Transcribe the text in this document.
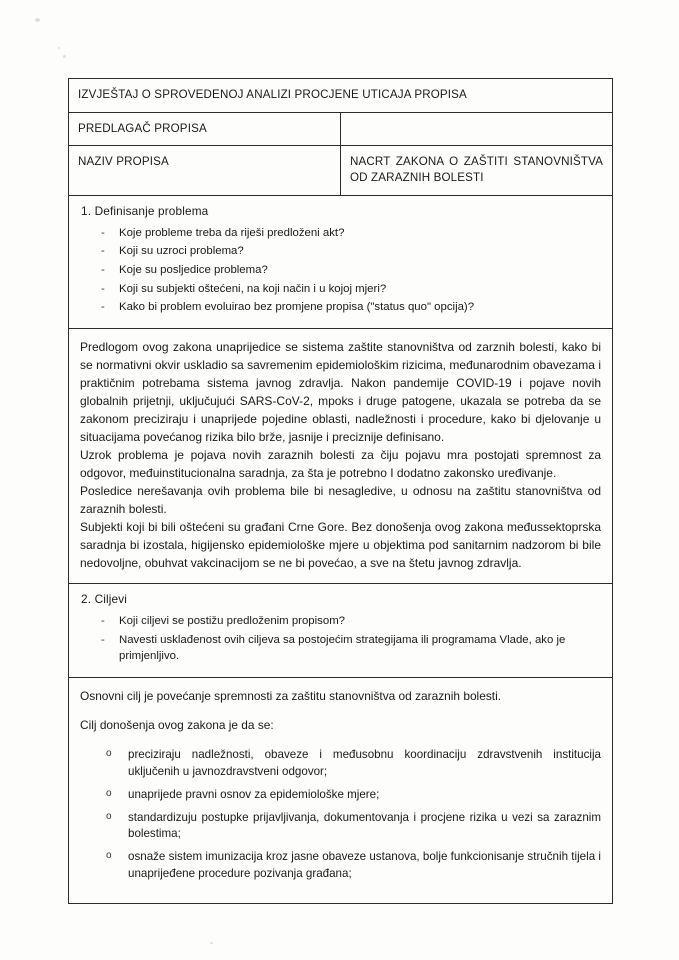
IZVJEŠTAJ O SPROVEDENOJ ANALIZI PROCJENE UTICAJA PROPISA	
PREDLAGAČ PROPISA	
NAZIV PROPISA	NACRT ZAKONA O ZAŠTITI STANOVNIŠTVA OD ZARAZNIH BOLESTI
1. Definisanje problema
- Koje probleme treba da riješi predloženi akt?
- Koji su uzroci problema?
- Koje su posljedice problema?
- Koji su subjekti oštećeni, na koji način i u kojoj mjeri?
- Kako bi problem evoluirao bez promjene propisa ("status quo" opcija)?

Predlogom ovog zakona unaprijedice se sistema zaštite stanovništva od zarznih bolesti, kako bi se normativni okvir uskladio sa savremenim epidemiološkim rizicima, međunarodnim obavezama i praktičnim potrebama sistema javnog zdravlja. Nakon pandemije COVID-19 i pojave novih globalnih prijetnji, uključujući SARS-CoV-2, mpoks i druge patogene, ukazala se potreba da se zakonom preciziraju i unaprijede pojedine oblasti, nadležnosti i procedure, kako bi djelovanje u situacijama povećanog rizika bilo brže, jasnije i preciznije definisano.

Uzrok problema je pojava novih zaraznih bolesti za čiju pojavu mra postojati spremnost za odgovor, međuinstitucionalna saradnja, za šta je potrebno I dodatno zakonsko uređivanje.

Posledice nerešavanja ovih problema bile bi nesagledive, u odnosu na zaštitu stanovništva od zaraznih bolesti.

Subjekti koji bi bili oštećeni su građani Crne Gore. Bez donošenja ovog zakona međussektoprska saradnja bi izostala, higijensko epidemiološke mjere u objektima pod sanitarnim nadzorom bi bile nedovoljne, obuhvat vakcinacijom se ne bi povećao, a sve na štetu javnog zdravlja.

2. Ciljevi
- Koji ciljevi se postižu predloženim propisom?
- Navesti usklađenost ovih ciljeva sa postojećim strategijama ili programama Vlade, ako je primjenljivo.

Osnovni cilj je povećanje spremnosti za zaštitu stanovništva od zaraznih bolesti.

Cilj donošenja ovog zakona je da se:

o preciziraju nadležnosti, obaveze i međusobnu koordinaciju zdravstvenih institucija uključenih u javnozdravstveni odgovor;
o unaprijede pravni osnov za epidemiološke mjere;
o standardizuju postupke prijavljivanja, dokumentovanja i procjene rizika u vezi sa zaraznim bolestima;
o osnaže sistem imunizacija kroz jasne obaveze ustanova, bolje funkcionisanje stručnih tijela i unaprijeđene procedure pozivanja građana;
